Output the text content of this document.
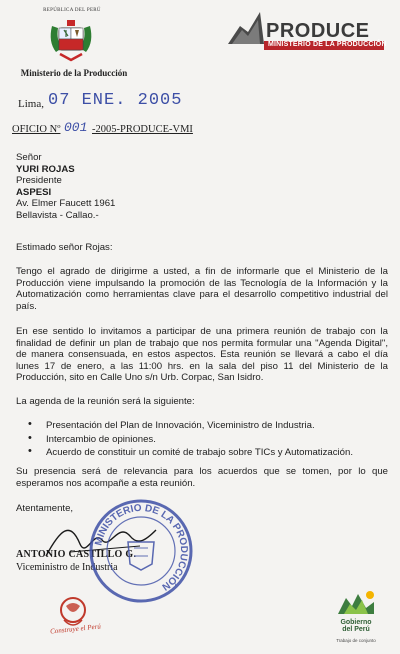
REPÚBLICA DEL PERÚ
Ministerio de la Producción
PRODUCE
MINISTERIO DE LA PRODUCCIÓN
Lima, 07 ENE. 2005
OFICIO Nº 001 -2005-PRODUCE-VMI
Señor
YURI ROJAS
Presidente
ASPESI
Av. Elmer Faucett 1961
Bellavista - Callao.-
Estimado señor Rojas:
Tengo el agrado de dirigirme a usted, a fin de informarle que el Ministerio de la Producción viene impulsando la promoción de las Tecnología de la Información y la Automatización como herramientas clave para el desarrollo competitivo industrial del país.
En ese sentido lo invitamos a participar de una primera reunión de trabajo con la finalidad de definir un plan de trabajo que nos permita formular una "Agenda Digital", de manera consensuada, en estos aspectos. Esta reunión se llevará a cabo el día lunes 17 de enero, a las 11:00 hrs. en la sala del piso 11 del Ministerio de la Producción, sito en Calle Uno s/n Urb. Corpac, San Isidro.
La agenda de la reunión será la siguiente:
• Presentación del Plan de Innovación, Viceministro de Industria.
• Intercambio de opiniones.
• Acuerdo de constituir un comité de trabajo sobre TICs y Automatización.
Su presencia será de relevancia para los acuerdos que se tomen, por lo que esperamos nos acompañe a esta reunión.
Atentamente,
ANTONIO CASTILLO G.
Viceministro de Industria
MINISTERIO DE LA PRODUCCIÓN
Construye el Perú	Gobierno
del Perú
Trabajo de conjunto
